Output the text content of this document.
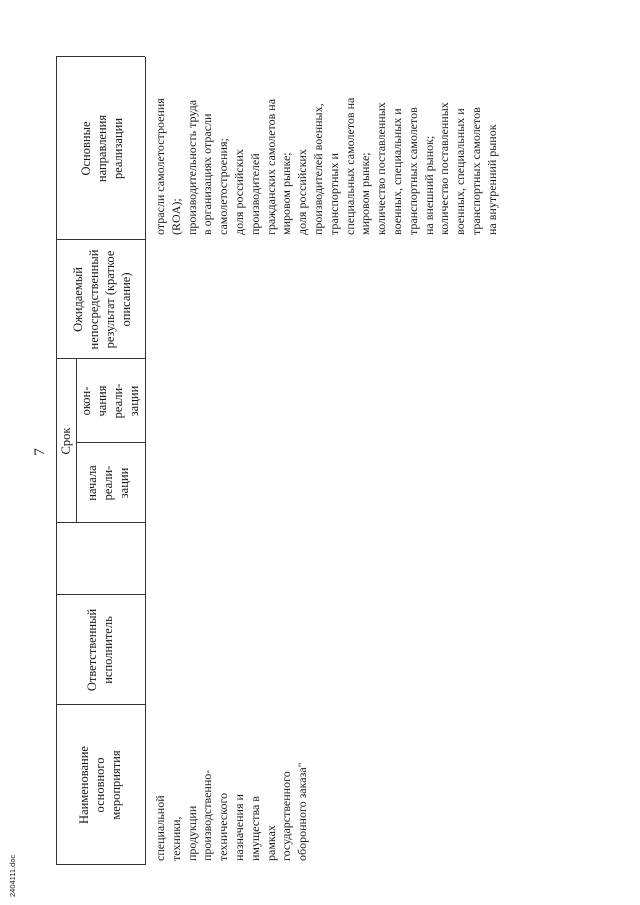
7
2404111.doc
Наименование основного мероприятия
Ответственный исполнитель
Срок
начала реали- зации
окон- чания реали- зации
Ожидаемый непосредственный результат (краткое описание)
Основные направления реализации
специальной техники, продукции производственно- технического назначения и имущества в рамках государственного оборонного заказа"
отрасли самолетостроения (ROA); производительность труда в организациях отрасли самолетостроения; доля российских производителей гражданских самолетов на мировом рынке; доля российских производителей военных, транспортных и специальных самолетов на мировом рынке; количество поставленных военных, специальных и транспортных самолетов на внешний рынок; количество поставленных военных, специальных и транспортных самолетов на внутренний рынок
